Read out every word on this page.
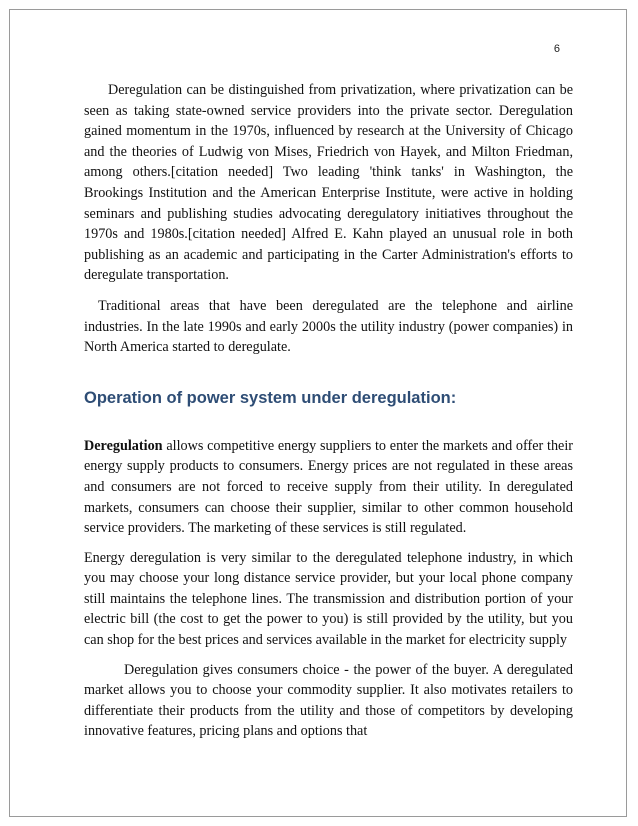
6

Deregulation can be distinguished from privatization, where privatization can be seen as taking state-owned service providers into the private sector. Deregulation gained momentum in the 1970s, influenced by research at the University of Chicago and the theories of Ludwig von Mises, Friedrich von Hayek, and Milton Friedman, among others.[citation needed] Two leading 'think tanks' in Washington, the Brookings Institution and the American Enterprise Institute, were active in holding seminars and publishing studies advocating deregulatory initiatives throughout the 1970s and 1980s.[citation needed] Alfred E. Kahn played an unusual role in both publishing as an academic and participating in the Carter Administration's efforts to deregulate transportation.

Traditional areas that have been deregulated are the telephone and airline industries. In the late 1990s and early 2000s the utility industry (power companies) in North America started to deregulate.

Operation of power system under deregulation:

Deregulation allows competitive energy suppliers to enter the markets and offer their energy supply products to consumers. Energy prices are not regulated in these areas and consumers are not forced to receive supply from their utility. In deregulated markets, consumers can choose their supplier, similar to other common household service providers. The marketing of these services is still regulated.

Energy deregulation is very similar to the deregulated telephone industry, in which you may choose your long distance service provider, but your local phone company still maintains the telephone lines. The transmission and distribution portion of your electric bill (the cost to get the power to you) is still provided by the utility, but you can shop for the best prices and services available in the market for electricity supply

Deregulation gives consumers choice - the power of the buyer. A deregulated market allows you to choose your commodity supplier. It also motivates retailers to differentiate their products from the utility and those of competitors by developing innovative features, pricing plans and options that
